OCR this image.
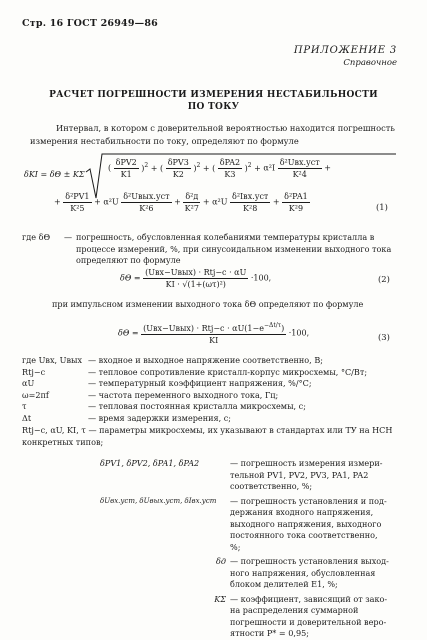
Стр. 16 ГОСТ 26949—86
ПРИЛОЖЕНИЕ 3
Справочное
РАСЧЕТ ПОГРЕШНОСТИ ИЗМЕРЕНИЯ НЕСТАБИЛЬНОСТИ
ПО ТОКУ
Интервал, в котором с доверительной вероятностью находится погрешность измерения нестабильности по току, определяют по формуле
δKI = δΘ ± KΣ
( $\frac{\text{δPV2}}{K1} )^2$ + ( $\frac{\text{δPV3}}{K2} )^2$ + ( $\frac{\text{δPA2}}{K3} )^2 + \alpha^2I \frac{\text{δ²Uвх.уст}}{\text{K²4}}$ +
+ $\frac{\text{δ²PV1}}{\text{K²5}} + \alpha^2U \frac{\text{δ²Uвых.уст}}{\text{K²6}} + \frac{\text{δ²д}}{\text{K²7}} + \alpha^2U \frac{\text{δ²Iвх.уст}}{\text{K²8}} + \frac{\text{δ²PA1}}{\text{K²9}}$	(1)
где δΘ — погрешность, обусловленная колебаниями температуры кристалла в процессе измерений, %, при синусоидальном изменении выходного тока определяют по формуле
$\delta\Theta = \frac{\text{(Uвх−Uвых) · Rtj−c · αU}}{\text{KI · √(1+(ωτ)²)}} \cdot 100$,	(2)
при импульсном изменении выходного тока δΘ определяют по формуле
$\delta\Theta = \frac{(Uвх-Uвых) \cdot Rtj-c \cdot \alpha U(1-e^{-\Delta t/\tau})}{KI} \cdot 100$,	(3)
где Uвх, Uвых — входное и выходное напряжение соответственно, В;
Rtj−c	— тепловое сопротивление кристалл-корпус микросхемы, °С/Вт;
αU	— температурный коэффициент напряжения, %/°С;
ω=2πf	— частота переменного выходного тока, Гц;
τ	— тепловая постоянная кристалла микросхемы, с;
Δt	— время задержки измерения, с;
Rtj−c, αU, KI, τ — параметры микросхемы, их указывают в стандартах или ТУ на НСН конкретных типов;
δPV1, δPV2, δPA1, δPA2	— погрешность измерения измери-
тельной PV1, PV2, PV3, PA1, PA2
соответственно, %;
δUвх.уст, δUвых.уст, δIвх.уст	— погрешность установления и под-
держания входного напряжения,
выходного напряжения, выходного
постоянного тока соответственно,
%;
δд — погрешность установления выход-
ного напряжения, обусловленная
блоком делителей E1, %;
KΣ — коэффициент, зависящий от зако-
на распределения суммарной
погрешности и доверительной веро-
ятности P* = 0,95;
